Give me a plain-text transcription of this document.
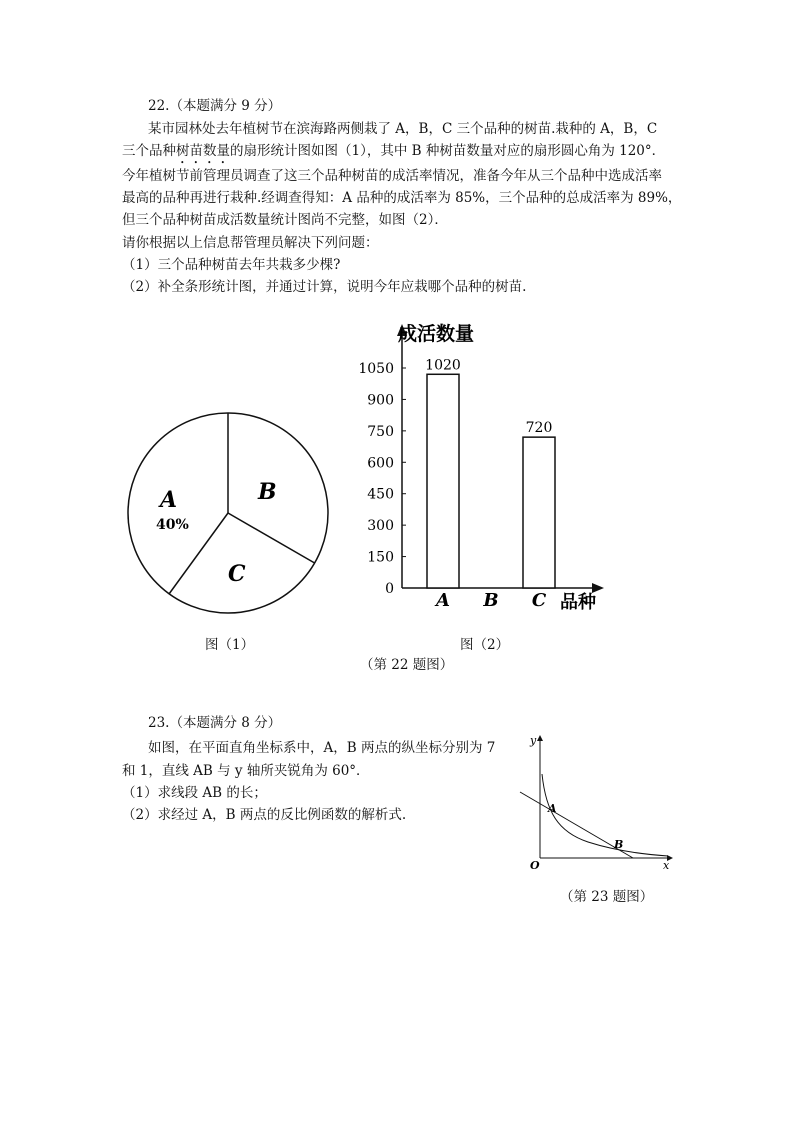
22.（本题满分 9 分）
某市园林处去年植树节在滨海路两侧栽了 A，B，C 三个品种的树苗.栽种的 A，B，C
三个品种树苗数量的扇形统计图如图（1），其中 B 种树苗数量对应的扇形圆心角为 120°．
今年植树节前管理员调查了这三个品种树苗的成活率情况，准备今年从三个品种中选成活率
最高的品种再进行栽种.经调查得知：A 品种的成活率为 85%，三个品种的总成活率为 89%，
但三个品种树苗成活数量统计图尚不完整，如图（2）．
请你根据以上信息帮管理员解决下列问题：
（1）三个品种树苗去年共栽多少棵?
（2）补全条形统计图，并通过计算，说明今年应栽哪个品种的树苗.
A
40%
B
C
图（1）
0
150
300
450
600
750
900
1050 1020
720
A B C
成活数量
品种
图（2）
（第 22 题图）
23.（本题满分 8 分）
如图，在平面直角坐标系中，A，B 两点的纵坐标分别为 7
和 1，直线 AB 与 y 轴所夹锐角为 60°．
（1）求线段 AB 的长；
（2）求经过 A，B 两点的反比例函数的解析式.
y
x
O
A
B
（第 23 题图）
